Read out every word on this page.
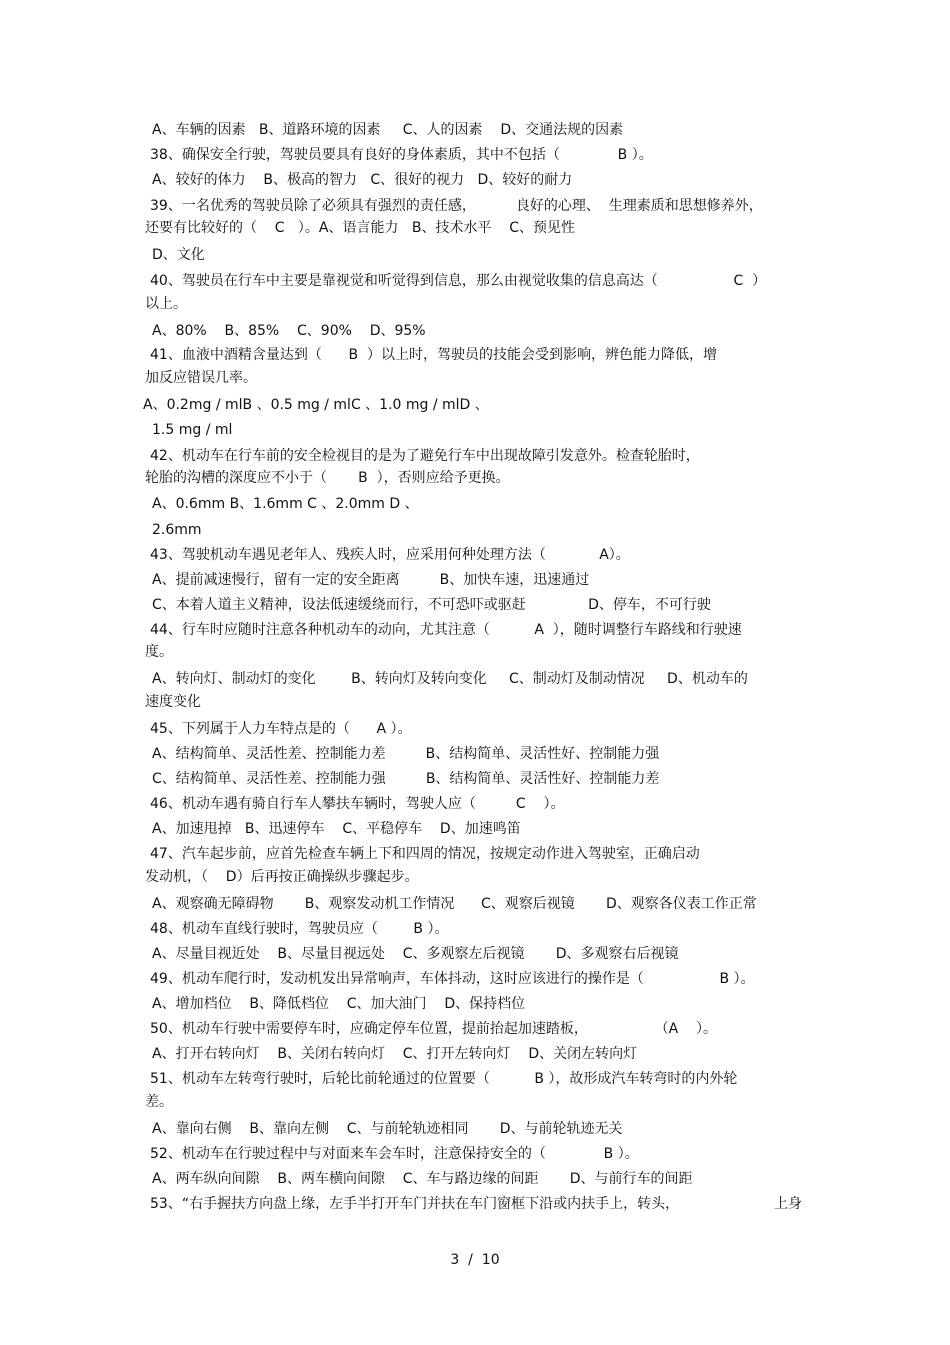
A、车辆的因素   B、道路环境的因素     C、人的因素    D、交通法规的因素
38、确保安全行驶，驾驶员要具有良好的身体素质，其中不包括（             B ）。
A、较好的体力    B、极高的智力   C、很好的视力   D、较好的耐力
39、一名优秀的驾驶员除了必须具有强烈的责任感，         良好的心理、  生理素质和思想修养外，
还要有比较好的（    C   ）。A、语言能力   B、技术水平    C、预见性
D、文化
40、驾驶员在行车中主要是靠视觉和听觉得到信息，那么由视觉收集的信息高达（                 C  ）
以上。
A、80%    B、85%    C、90%    D、95%
41、血液中酒精含量达到（      B  ）以上时，驾驶员的技能会受到影响，辨色能力降低，增
加反应错误几率。
A、0.2mg / mlB 、0.5 mg / mlC 、1.0 mg / mlD 、
1.5 mg / ml
42、机动车在行车前的安全检视目的是为了避免行车中出现故障引发意外。检查轮胎时，
轮胎的沟槽的深度应不小于（       B  ），否则应给予更换。
A、0.6mm B、1.6mm C 、2.0mm D 、
2.6mm
43、驾驶机动车遇见老年人、残疾人时，应采用何种处理方法（            A）。
A、提前减速慢行，留有一定的安全距离         B、加快车速，迅速通过
C、本着人道主义精神，设法低速缓绕而行，不可恐吓或驱赶              D、停车，不可行驶
44、行车时应随时注意各种机动车的动向，尤其注意（          A  ），随时调整行车路线和行驶速
度。
A、转向灯、制动灯的变化        B、转向灯及转向变化     C、制动灯及制动情况     D、机动车的
速度变化
45、下列属于人力车特点是的（      A ）。
A、结构简单、灵活性差、控制能力差         B、结构简单、灵活性好、控制能力强
C、结构简单、灵活性差、控制能力强         B、结构简单、灵活性好、控制能力差
46、机动车遇有骑自行车人攀扶车辆时，驾驶人应（         C    ）。
A、加速甩掉   B、迅速停车    C、平稳停车    D、加速鸣笛
47、汽车起步前，应首先检查车辆上下和四周的情况，按规定动作进入驾驶室，正确启动
发动机，（    D）后再按正确操纵步骤起步。
A、观察确无障碍物       B、观察发动机工作情况      C、观察后视镜       D、观察各仪表工作正常
48、机动车直线行驶时，驾驶员应（        B ）。
A、尽量目视近处    B、尽量目视远处    C、多观察左后视镜       D、多观察右后视镜
49、机动车爬行时，发动机发出异常响声，车体抖动，这时应该进行的操作是（                 B ）。
A、增加档位    B、降低档位    C、加大油门    D、保持档位
50、机动车行驶中需要停车时，应确定停车位置，提前抬起加速踏板，               （A    ）。
A、打开右转向灯    B、关闭右转向灯    C、打开左转向灯    D、关闭左转向灯
51、机动车左转弯行驶时，后轮比前轮通过的位置要（          B ），故形成汽车转弯时的内外轮
差。
A、靠向右侧    B、靠向左侧    C、与前轮轨迹相同       D、与前轮轨迹无关
52、机动车在行驶过程中与对面来车会车时，注意保持安全的（             B ）。
A、两车纵向间隙    B、两车横向间隙    C、车与路边缘的间距       D、与前行车的间距
53、“右手握扶方向盘上缘，左手半打开车门并扶在车门窗框下沿或内扶手上，转头，	上身
3  /  10
